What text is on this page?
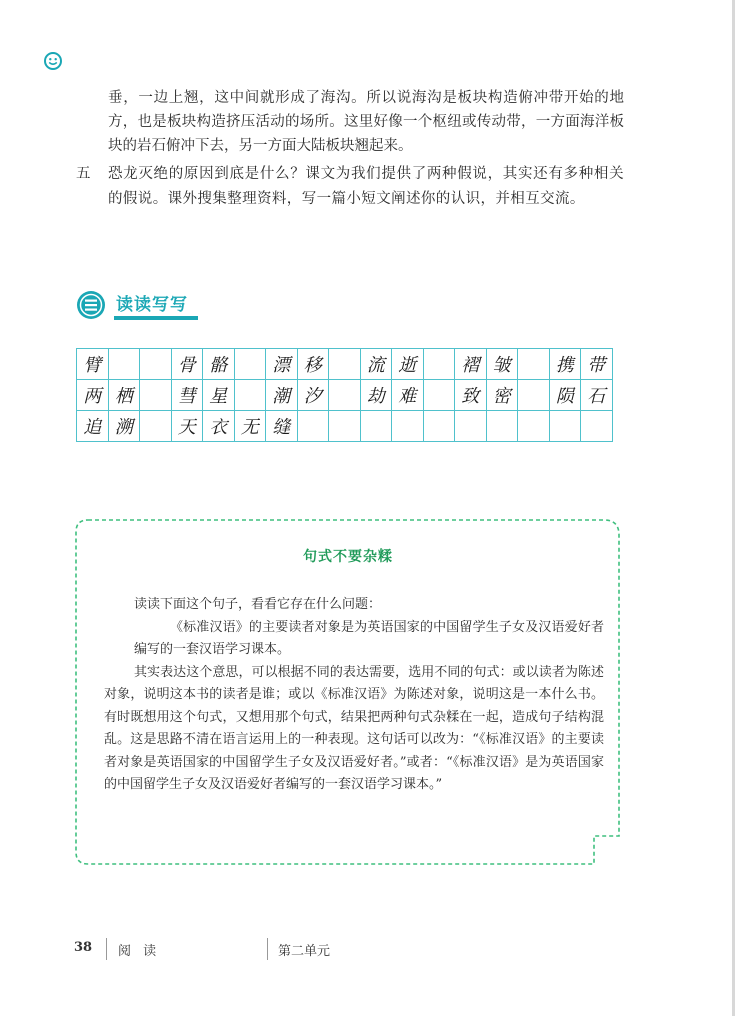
垂，一边上翘，这中间就形成了海沟。所以说海沟是板块构造俯冲带开始的地方，也是板块构造挤压活动的场所。这里好像一个枢纽或传动带，一方面海洋板块的岩石俯冲下去，另一方面大陆板块翘起来。

五	恐龙灭绝的原因到底是什么？课文为我们提供了两种假说，其实还有多种相关的假说。课外搜集整理资料，写一篇小短文阐述你的认识，并相互交流。

读读写写
臂			骨	骼		漂	移		流	逝		褶	皱		携	带
两	栖		彗	星		潮	汐		劫	难		致	密		陨	石
追	溯		天	衣	无	缝										
句式不要杂糅

读读下面这个句子，看看它存在什么问题：

《标准汉语》的主要读者对象是为英语国家的中国留学生子女及汉语爱好者编写的一套汉语学习课本。

其实表达这个意思，可以根据不同的表达需要，选用不同的句式：或以读者为陈述对象，说明这本书的读者是谁；或以《标准汉语》为陈述对象，说明这是一本什么书。有时既想用这个句式，又想用那个句式，结果把两种句式杂糅在一起，造成句子结构混乱。这是思路不清在语言运用上的一种表现。这句话可以改为：“《标准汉语》的主要读者对象是英语国家的中国留学生子女及汉语爱好者。”或者：“《标准汉语》是为英语国家的中国留学生子女及汉语爱好者编写的一套汉语学习课本。”

38 阅 读	第二单元
